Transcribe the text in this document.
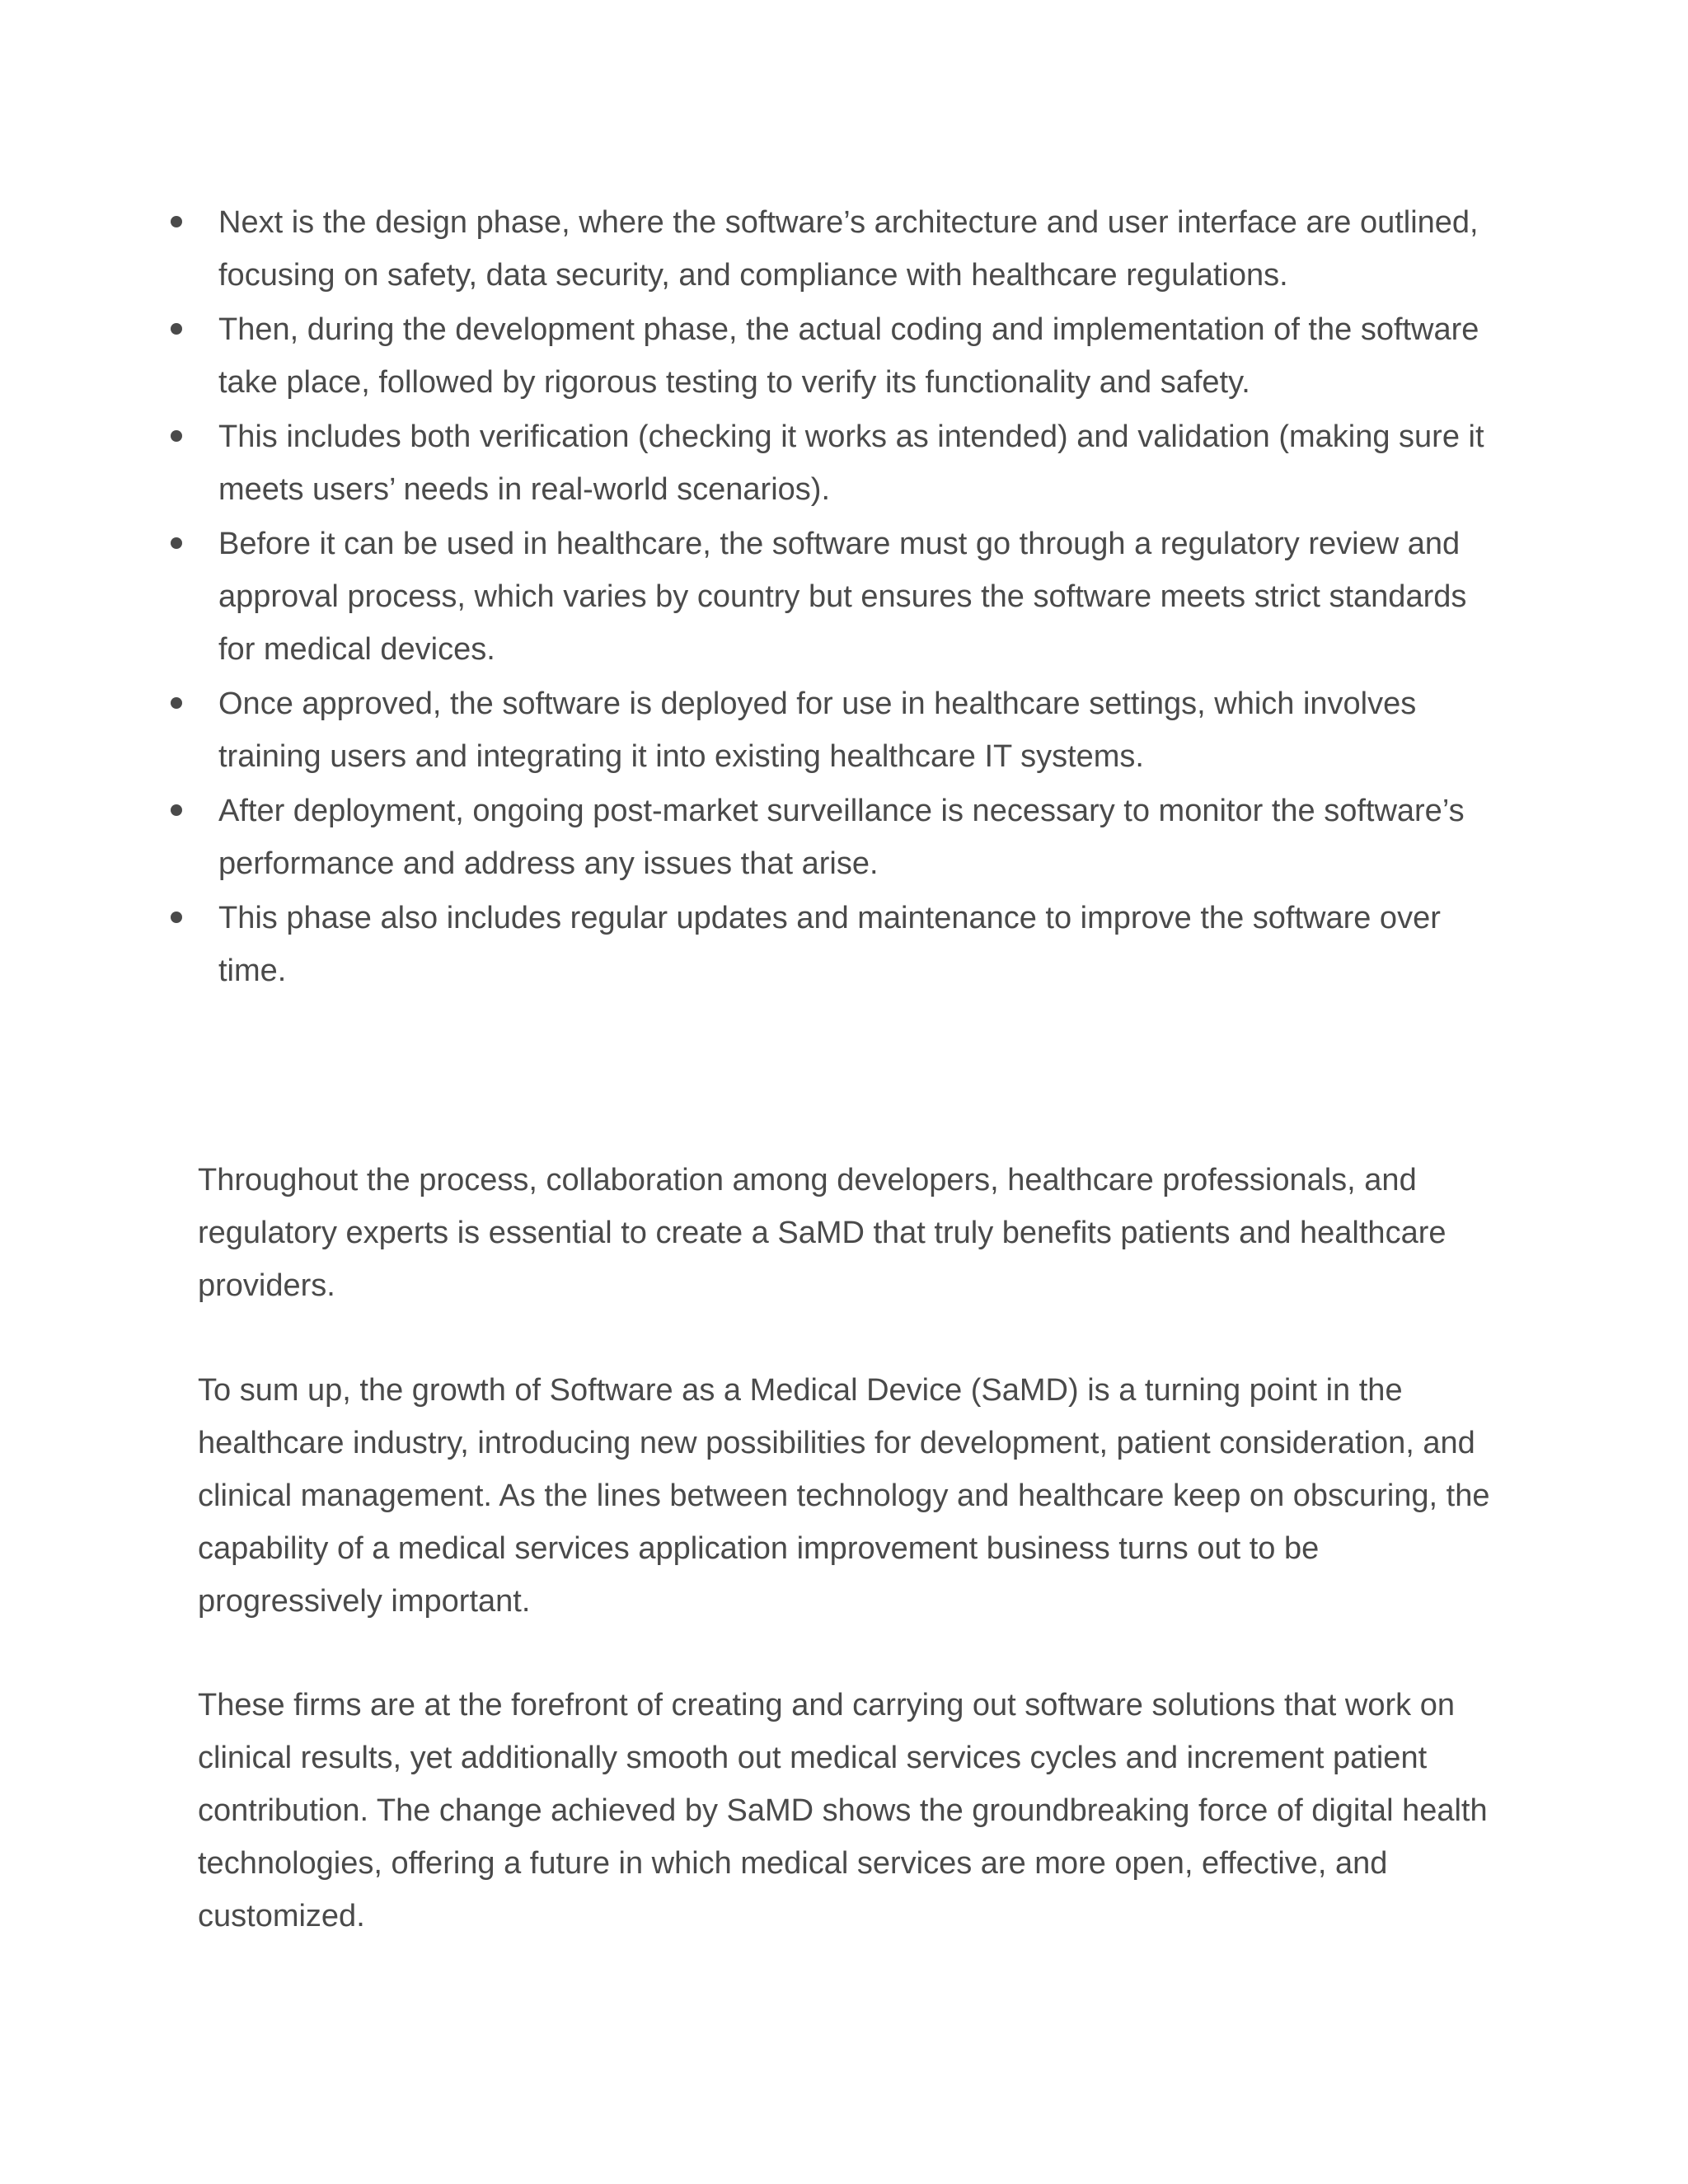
Next is the design phase, where the software’s architecture and user interface are outlined, focusing on safety, data security, and compliance with healthcare regulations.
Then, during the development phase, the actual coding and implementation of the software take place, followed by rigorous testing to verify its functionality and safety.
This includes both verification (checking it works as intended) and validation (making sure it meets users’ needs in real-world scenarios).
Before it can be used in healthcare, the software must go through a regulatory review and approval process, which varies by country but ensures the software meets strict standards for medical devices.
Once approved, the software is deployed for use in healthcare settings, which involves training users and integrating it into existing healthcare IT systems.
After deployment, ongoing post-market surveillance is necessary to monitor the software’s performance and address any issues that arise.
This phase also includes regular updates and maintenance to improve the software over time.

Throughout the process, collaboration among developers, healthcare professionals, and regulatory experts is essential to create a SaMD that truly benefits patients and healthcare providers.

To sum up, the growth of Software as a Medical Device (SaMD) is a turning point in the healthcare industry, introducing new possibilities for development, patient consideration, and clinical management. As the lines between technology and healthcare keep on obscuring, the capability of a medical services application improvement business turns out to be progressively important.

These firms are at the forefront of creating and carrying out software solutions that work on clinical results, yet additionally smooth out medical services cycles and increment patient contribution. The change achieved by SaMD shows the groundbreaking force of digital health technologies, offering a future in which medical services are more open, effective, and customized.
